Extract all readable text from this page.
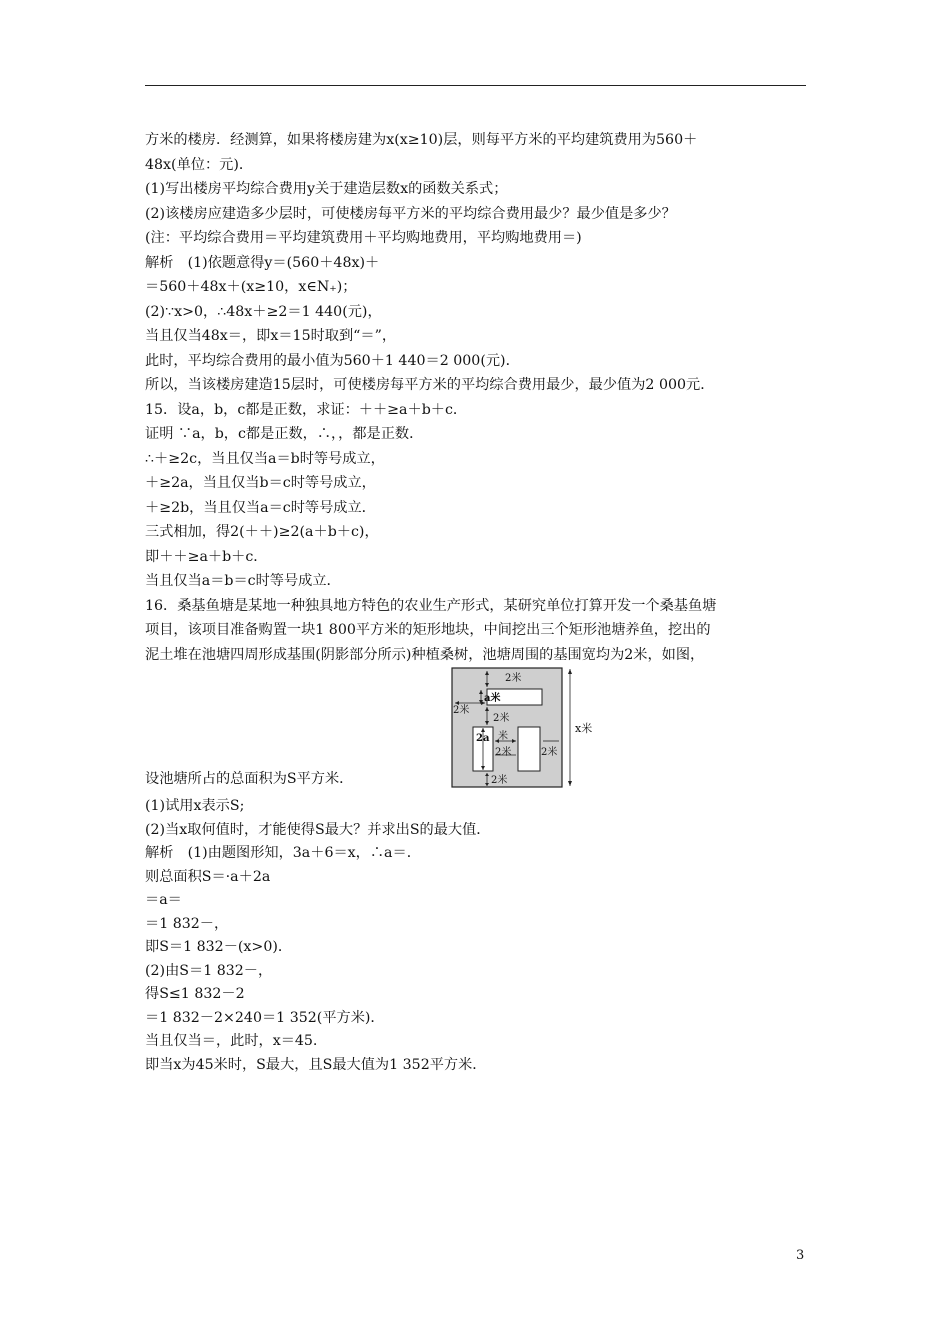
方米的楼房．经测算，如果将楼房建为x(x≥10)层，则每平方米的平均建筑费用为560＋
48x(单位：元)．
(1)写出楼房平均综合费用y关于建造层数x的函数关系式；
(2)该楼房应建造多少层时，可使楼房每平方米的平均综合费用最少？最少值是多少？
(注：平均综合费用＝平均建筑费用＋平均购地费用，平均购地费用＝)
解析　(1)依题意得y＝(560＋48x)＋
＝560＋48x＋(x≥10，x∈N₊)；
(2)∵x>0，∴48x＋≥2＝1 440(元)，
当且仅当48x＝，即x＝15时取到“＝”，
此时，平均综合费用的最小值为560＋1 440＝2 000(元)．
所以，当该楼房建造15层时，可使楼房每平方米的平均综合费用最少，最少值为2 000元．
15．设a，b，c都是正数，求证：＋＋≥a＋b＋c．
证明 ∵a，b，c都是正数，∴，，都是正数．
∴＋≥2c，当且仅当a＝b时等号成立，
＋≥2a，当且仅当b＝c时等号成立，
＋≥2b，当且仅当a＝c时等号成立．
三式相加，得2(＋＋)≥2(a＋b＋c)，
即＋＋≥a＋b＋c．
当且仅当a＝b＝c时等号成立．
16．桑基鱼塘是某地一种独具地方特色的农业生产形式，某研究单位打算开发一个桑基鱼塘
项目，该项目准备购置一块1 800平方米的矩形地块，中间挖出三个矩形池塘养鱼，挖出的
泥土堆在池塘四周形成基围(阴影部分所示)种植桑树，池塘周围的基围宽均为2米，如图，
设池塘所占的总面积为S平方米．
2米
2米
a米
2米
2a 米
2米	2米
2米
x米
(1)试用x表示S;
(2)当x取何值时，才能使得S最大？并求出S的最大值．
解析　(1)由题图形知，3a＋6＝x，∴a＝．
则总面积S＝·a＋2a
＝a＝
＝1 832－，
即S＝1 832－(x>0)．
(2)由S＝1 832－，
得S≤1 832－2
＝1 832－2×240＝1 352(平方米)．
当且仅当＝，此时，x＝45.
即当x为45米时，S最大，且S最大值为1 352平方米．
3
